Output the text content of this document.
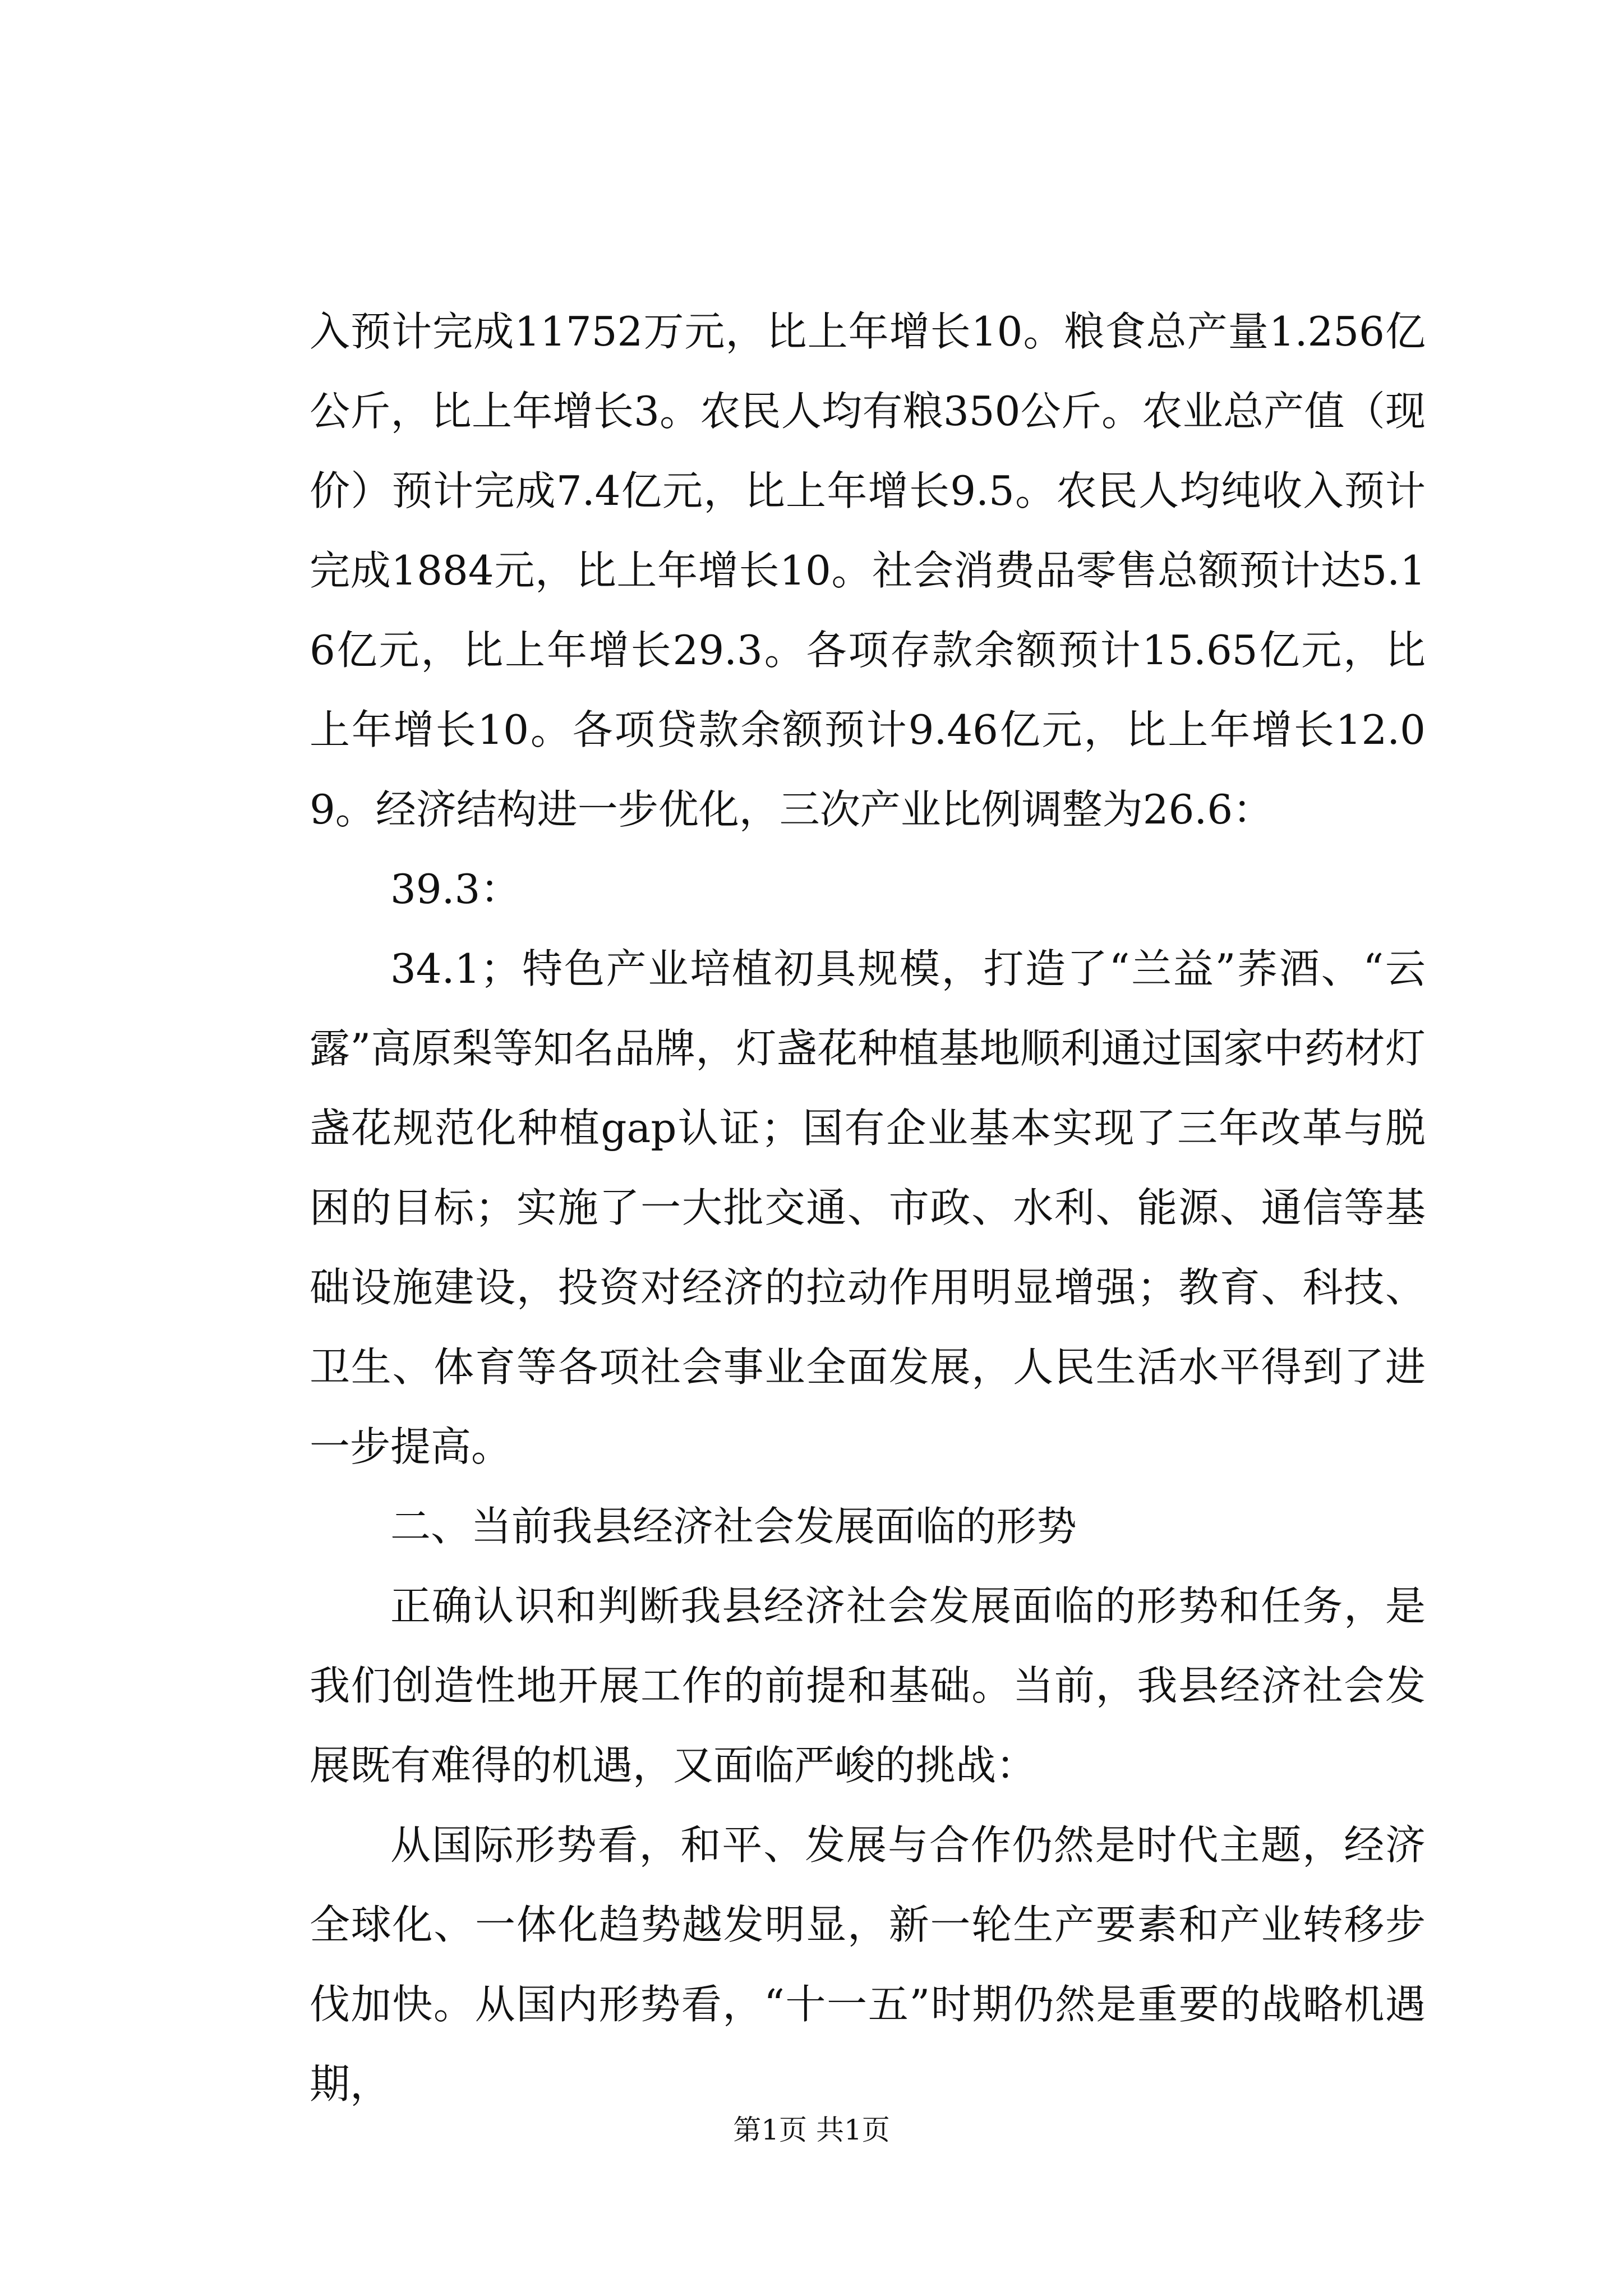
入预计完成11752万元，比上年增长10。粮食总产量1.256亿公斤，比上年增长3。农民人均有粮350公斤。农业总产值（现价）预计完成7.4亿元，比上年增长9.5。农民人均纯收入预计完成1884元，比上年增长10。社会消费品零售总额预计达5.16亿元，比上年增长29.3。各项存款余额预计15.65亿元，比上年增长10。各项贷款余额预计9.46亿元，比上年增长12.09。经济结构进一步优化，三次产业比例调整为26.6：

39.3：

34.1；特色产业培植初具规模，打造了“兰益”荞酒、“云露”高原梨等知名品牌，灯盏花种植基地顺利通过国家中药材灯盏花规范化种植gap认证；国有企业基本实现了三年改革与脱困的目标；实施了一大批交通、市政、水利、能源、通信等基础设施建设，投资对经济的拉动作用明显增强；教育、科技、卫生、体育等各项社会事业全面发展，人民生活水平得到了进一步提高。

二、当前我县经济社会发展面临的形势

正确认识和判断我县经济社会发展面临的形势和任务，是我们创造性地开展工作的前提和基础。当前，我县经济社会发展既有难得的机遇，又面临严峻的挑战：

从国际形势看，和平、发展与合作仍然是时代主题，经济全球化、一体化趋势越发明显，新一轮生产要素和产业转移步伐加快。从国内形势看，“十一五”时期仍然是重要的战略机遇期，

第1页 共1页
